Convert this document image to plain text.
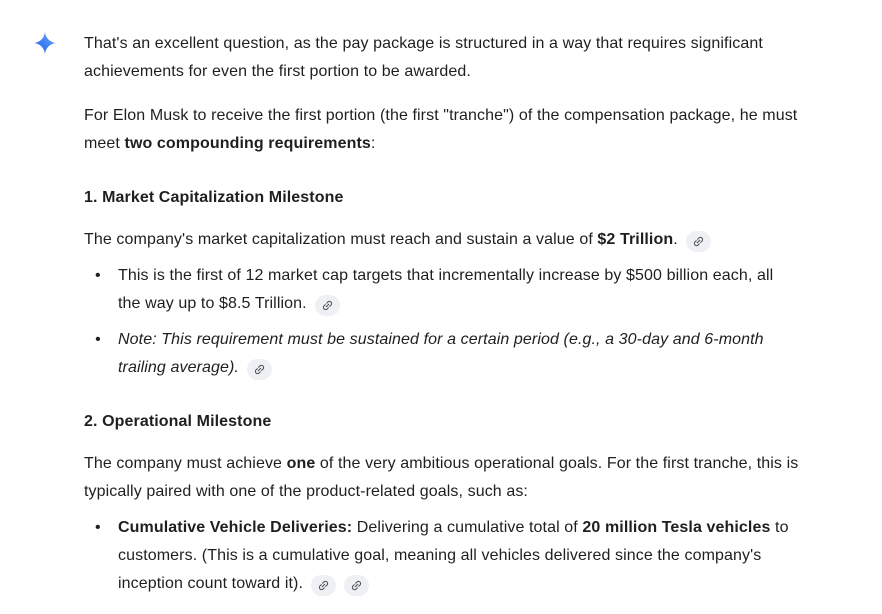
That's an excellent question, as the pay package is structured in a way that requires significant achievements for even the first portion to be awarded.

For Elon Musk to receive the first portion (the first "tranche") of the compensation package, he must meet two compounding requirements:

1. Market Capitalization Milestone

The company's market capitalization must reach and sustain a value of $2 Trillion.

• This is the first of 12 market cap targets that incrementally increase by $500 billion each, all the way up to $8.5 Trillion.
• Note: This requirement must be sustained for a certain period (e.g., a 30-day and 6-month trailing average).
2. Operational Milestone

The company must achieve one of the very ambitious operational goals. For the first tranche, this is typically paired with one of the product-related goals, such as:

• Cumulative Vehicle Deliveries: Delivering a cumulative total of 20 million Tesla vehicles to customers. (This is a cumulative goal, meaning all vehicles delivered since the company's inception count toward it).
